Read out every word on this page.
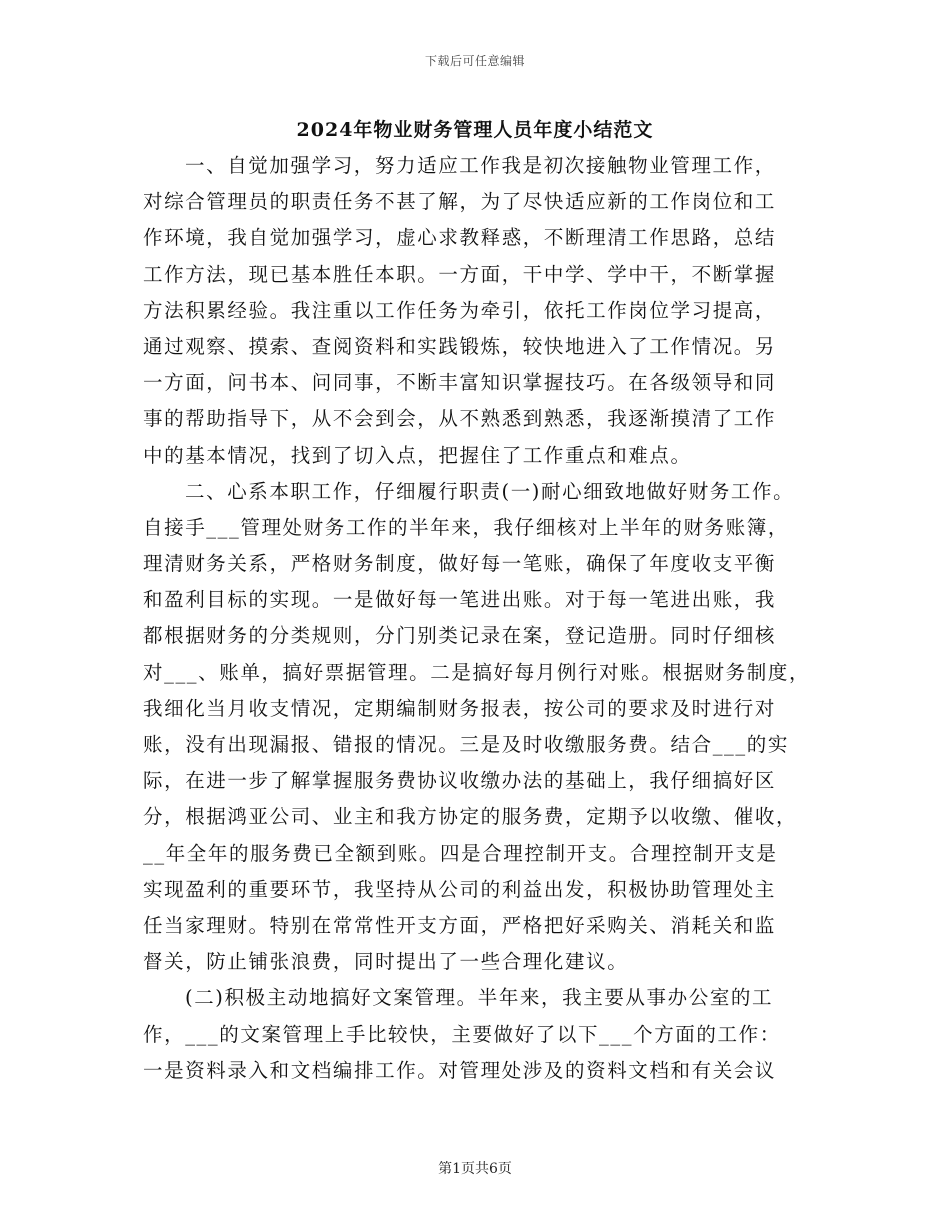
下载后可任意编辑
2024年物业财务管理人员年度小结范文
一、自觉加强学习，努力适应工作我是初次接触物业管理工作，
对综合管理员的职责任务不甚了解，为了尽快适应新的工作岗位和工
作环境，我自觉加强学习，虚心求教释惑，不断理清工作思路，总结
工作方法，现已基本胜任本职。一方面，干中学、学中干，不断掌握
方法积累经验。我注重以工作任务为牵引，依托工作岗位学习提高，
通过观察、摸索、查阅资料和实践锻炼，较快地进入了工作情况。另
一方面，问书本、问同事，不断丰富知识掌握技巧。在各级领导和同
事的帮助指导下，从不会到会，从不熟悉到熟悉，我逐渐摸清了工作
中的基本情况，找到了切入点，把握住了工作重点和难点。
二、心系本职工作，仔细履行职责(一)耐心细致地做好财务工作。
自接手___管理处财务工作的半年来，我仔细核对上半年的财务账簿，
理清财务关系，严格财务制度，做好每一笔账，确保了年度收支平衡
和盈利目标的实现。一是做好每一笔进出账。对于每一笔进出账，我
都根据财务的分类规则，分门别类记录在案，登记造册。同时仔细核
对___、账单，搞好票据管理。二是搞好每月例行对账。根据财务制度，
我细化当月收支情况，定期编制财务报表，按公司的要求及时进行对
账，没有出现漏报、错报的情况。三是及时收缴服务费。结合___的实
际，在进一步了解掌握服务费协议收缴办法的基础上，我仔细搞好区
分，根据鸿亚公司、业主和我方协定的服务费，定期予以收缴、催收，
__年全年的服务费已全额到账。四是合理控制开支。合理控制开支是
实现盈利的重要环节，我坚持从公司的利益出发，积极协助管理处主
任当家理财。特别在常常性开支方面，严格把好采购关、消耗关和监
督关，防止铺张浪费，同时提出了一些合理化建议。
(二)积极主动地搞好文案管理。半年来，我主要从事办公室的工
作，___的文案管理上手比较快，主要做好了以下___个方面的工作：
一是资料录入和文档编排工作。对管理处涉及的资料文档和有关会议
第1页共6页
